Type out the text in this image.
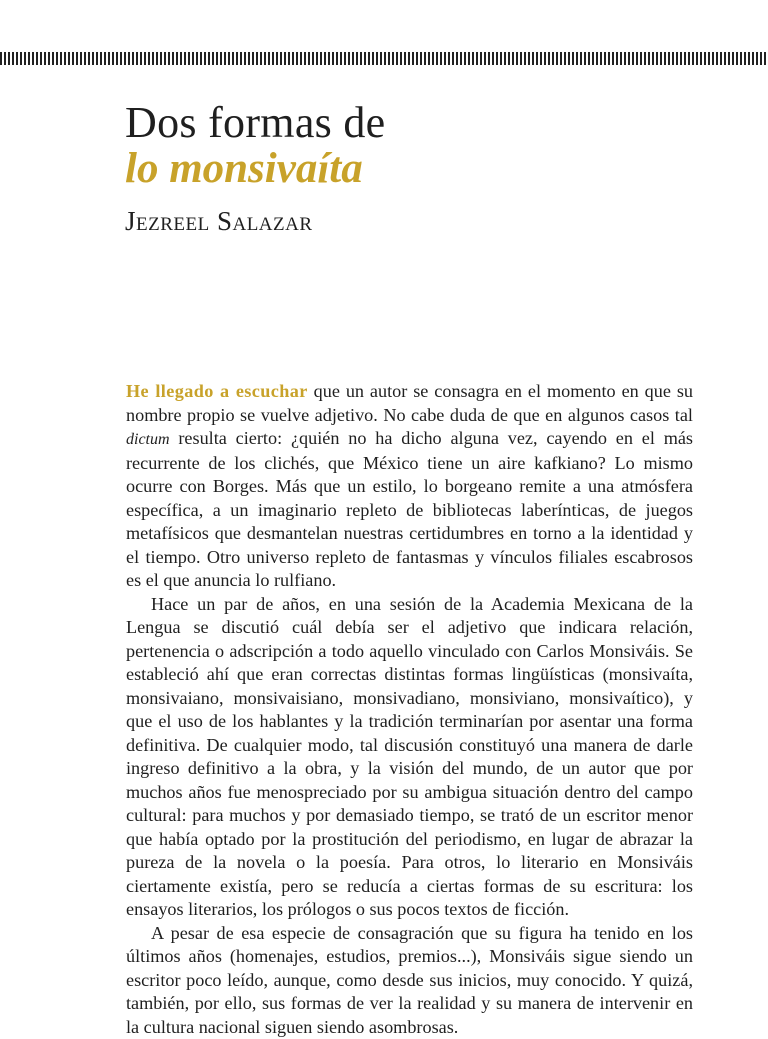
Dos formas de
lo monsivaíta
Jezreel Salazar

He llegado a escuchar que un autor se consagra en el momento en que su nombre propio se vuelve adjetivo. No cabe duda de que en algunos casos tal dictum resulta cierto: ¿quién no ha dicho alguna vez, cayendo en el más recurrente de los clichés, que México tiene un aire kafkiano? Lo mismo ocurre con Borges. Más que un estilo, lo borgeano remite a una atmósfera específica, a un imaginario repleto de bibliotecas laberínticas, de juegos metafísicos que desmantelan nuestras certidumbres en torno a la identidad y el tiempo. Otro universo repleto de fantasmas y vínculos filiales escabrosos es el que anuncia lo rulfiano.

Hace un par de años, en una sesión de la Academia Mexicana de la Lengua se discutió cuál debía ser el adjetivo que indicara relación, pertenencia o adscripción a todo aquello vinculado con Carlos Monsiváis. Se estableció ahí que eran correctas distintas formas lingüísticas (monsivaíta, monsivaiano, monsivaisiano, monsivadiano, monsiviano, monsivaítico), y que el uso de los hablantes y la tradición terminarían por asentar una forma definitiva. De cualquier modo, tal discusión constituyó una manera de darle ingreso definitivo a la obra, y la visión del mundo, de un autor que por muchos años fue menospreciado por su ambigua situación dentro del campo cultural: para muchos y por demasiado tiempo, se trató de un escritor menor que había optado por la prostitución del periodismo, en lugar de abrazar la pureza de la novela o la poesía. Para otros, lo literario en Monsiváis ciertamente existía, pero se reducía a ciertas formas de su escritura: los ensayos literarios, los prólogos o sus pocos textos de ficción.

A pesar de esa especie de consagración que su figura ha tenido en los últimos años (homenajes, estudios, premios...), Monsiváis sigue siendo un escritor poco leído, aunque, como desde sus inicios, muy conocido. Y quizá, también, por ello, sus formas de ver la realidad y su manera de intervenir en la cultura nacional siguen siendo asombrosas.
